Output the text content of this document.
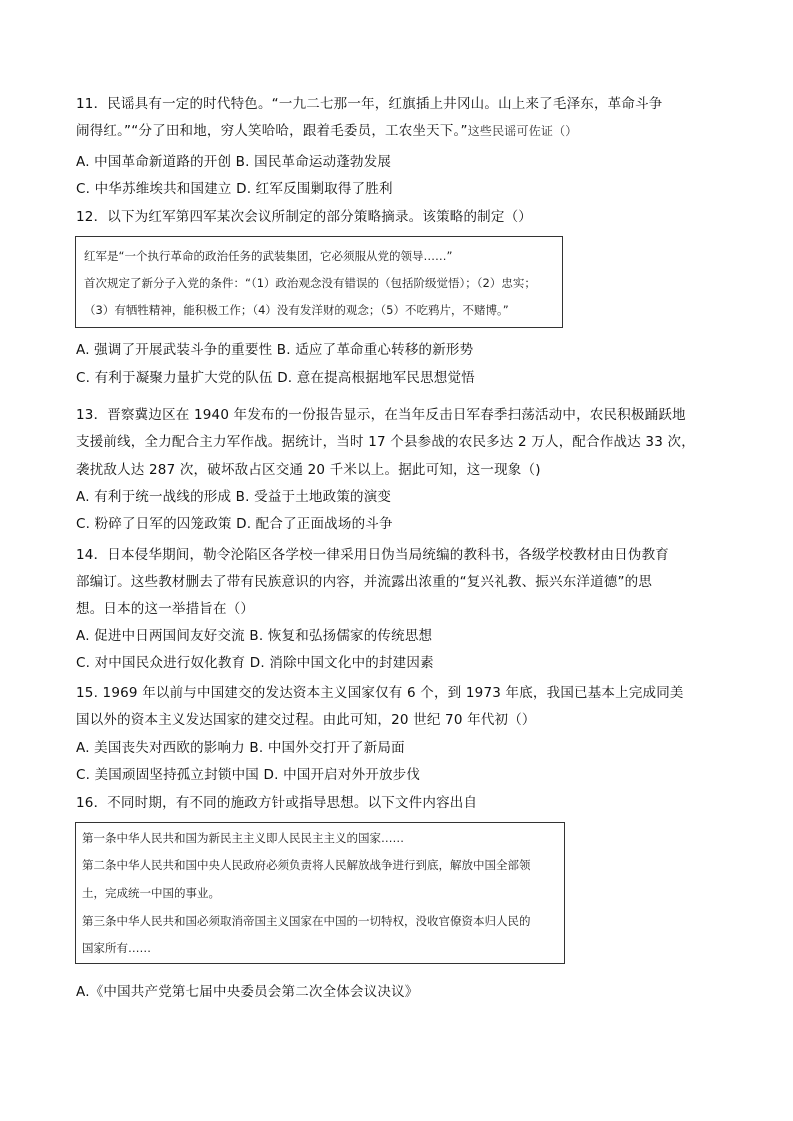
11．民谣具有一定的时代特色。“一九二七那一年，红旗插上井冈山。山上来了毛泽东，革命斗争
闹得红。”“分了田和地，穷人笑哈哈，跟着毛委员，工农坐天下。”这些民谣可佐证（）
A. 中国革命新道路的开创 B. 国民革命运动蓬勃发展
C. 中华苏维埃共和国建立 D. 红军反围剿取得了胜利
12．以下为红军第四军某次会议所制定的部分策略摘录。该策略的制定（）
红军是“一个执行革命的政治任务的武装集团，它必须服从党的领导……”
首次规定了新分子入党的条件：“（1）政治观念没有错误的（包括阶级觉悟）；（2）忠实；
（3）有牺牲精神，能积极工作；（4）没有发洋财的观念；（5）不吃鸦片，不赌博。”
A. 强调了开展武装斗争的重要性 B. 适应了革命重心转移的新形势
C. 有利于凝聚力量扩大党的队伍 D. 意在提高根据地军民思想觉悟
13．晋察冀边区在 1940 年发布的一份报告显示，在当年反击日军春季扫荡活动中，农民积极踊跃地
支援前线，全力配合主力军作战。据统计，当时 17 个县参战的农民多达 2 万人，配合作战达 33 次，
袭扰敌人达 287 次，破坏敌占区交通 20 千米以上。据此可知，这一现象（)
A. 有利于统一战线的形成 B. 受益于土地政策的演变
C. 粉碎了日军的囚笼政策 D. 配合了正面战场的斗争
14．日本侵华期间，勒令沦陷区各学校一律采用日伪当局统编的教科书，各级学校教材由日伪教育
部编订。这些教材删去了带有民族意识的内容，并流露出浓重的“复兴礼教、振兴东洋道德”的思
想。日本的这一举措旨在（）
A. 促进中日两国间友好交流 B. 恢复和弘扬儒家的传统思想
C. 对中国民众进行奴化教育 D. 消除中国文化中的封建因素
15. 1969 年以前与中国建交的发达资本主义国家仅有 6 个，到 1973 年底，我国已基本上完成同美
国以外的资本主义发达国家的建交过程。由此可知，20 世纪 70 年代初（）
A. 美国丧失对西欧的影响力 B. 中国外交打开了新局面
C. 美国顽固坚持孤立封锁中国 D. 中国开启对外开放步伐
16．不同时期，有不同的施政方针或指导思想。以下文件内容出自
第一条中华人民共和国为新民主主义即人民民主主义的国家……
第二条中华人民共和国中央人民政府必须负责将人民解放战争进行到底，解放中国全部领
土，完成统一中国的事业。
第三条中华人民共和国必须取消帝国主义国家在中国的一切特权，没收官僚资本归人民的
国家所有……
A.《中国共产党第七届中央委员会第二次全体会议决议》
